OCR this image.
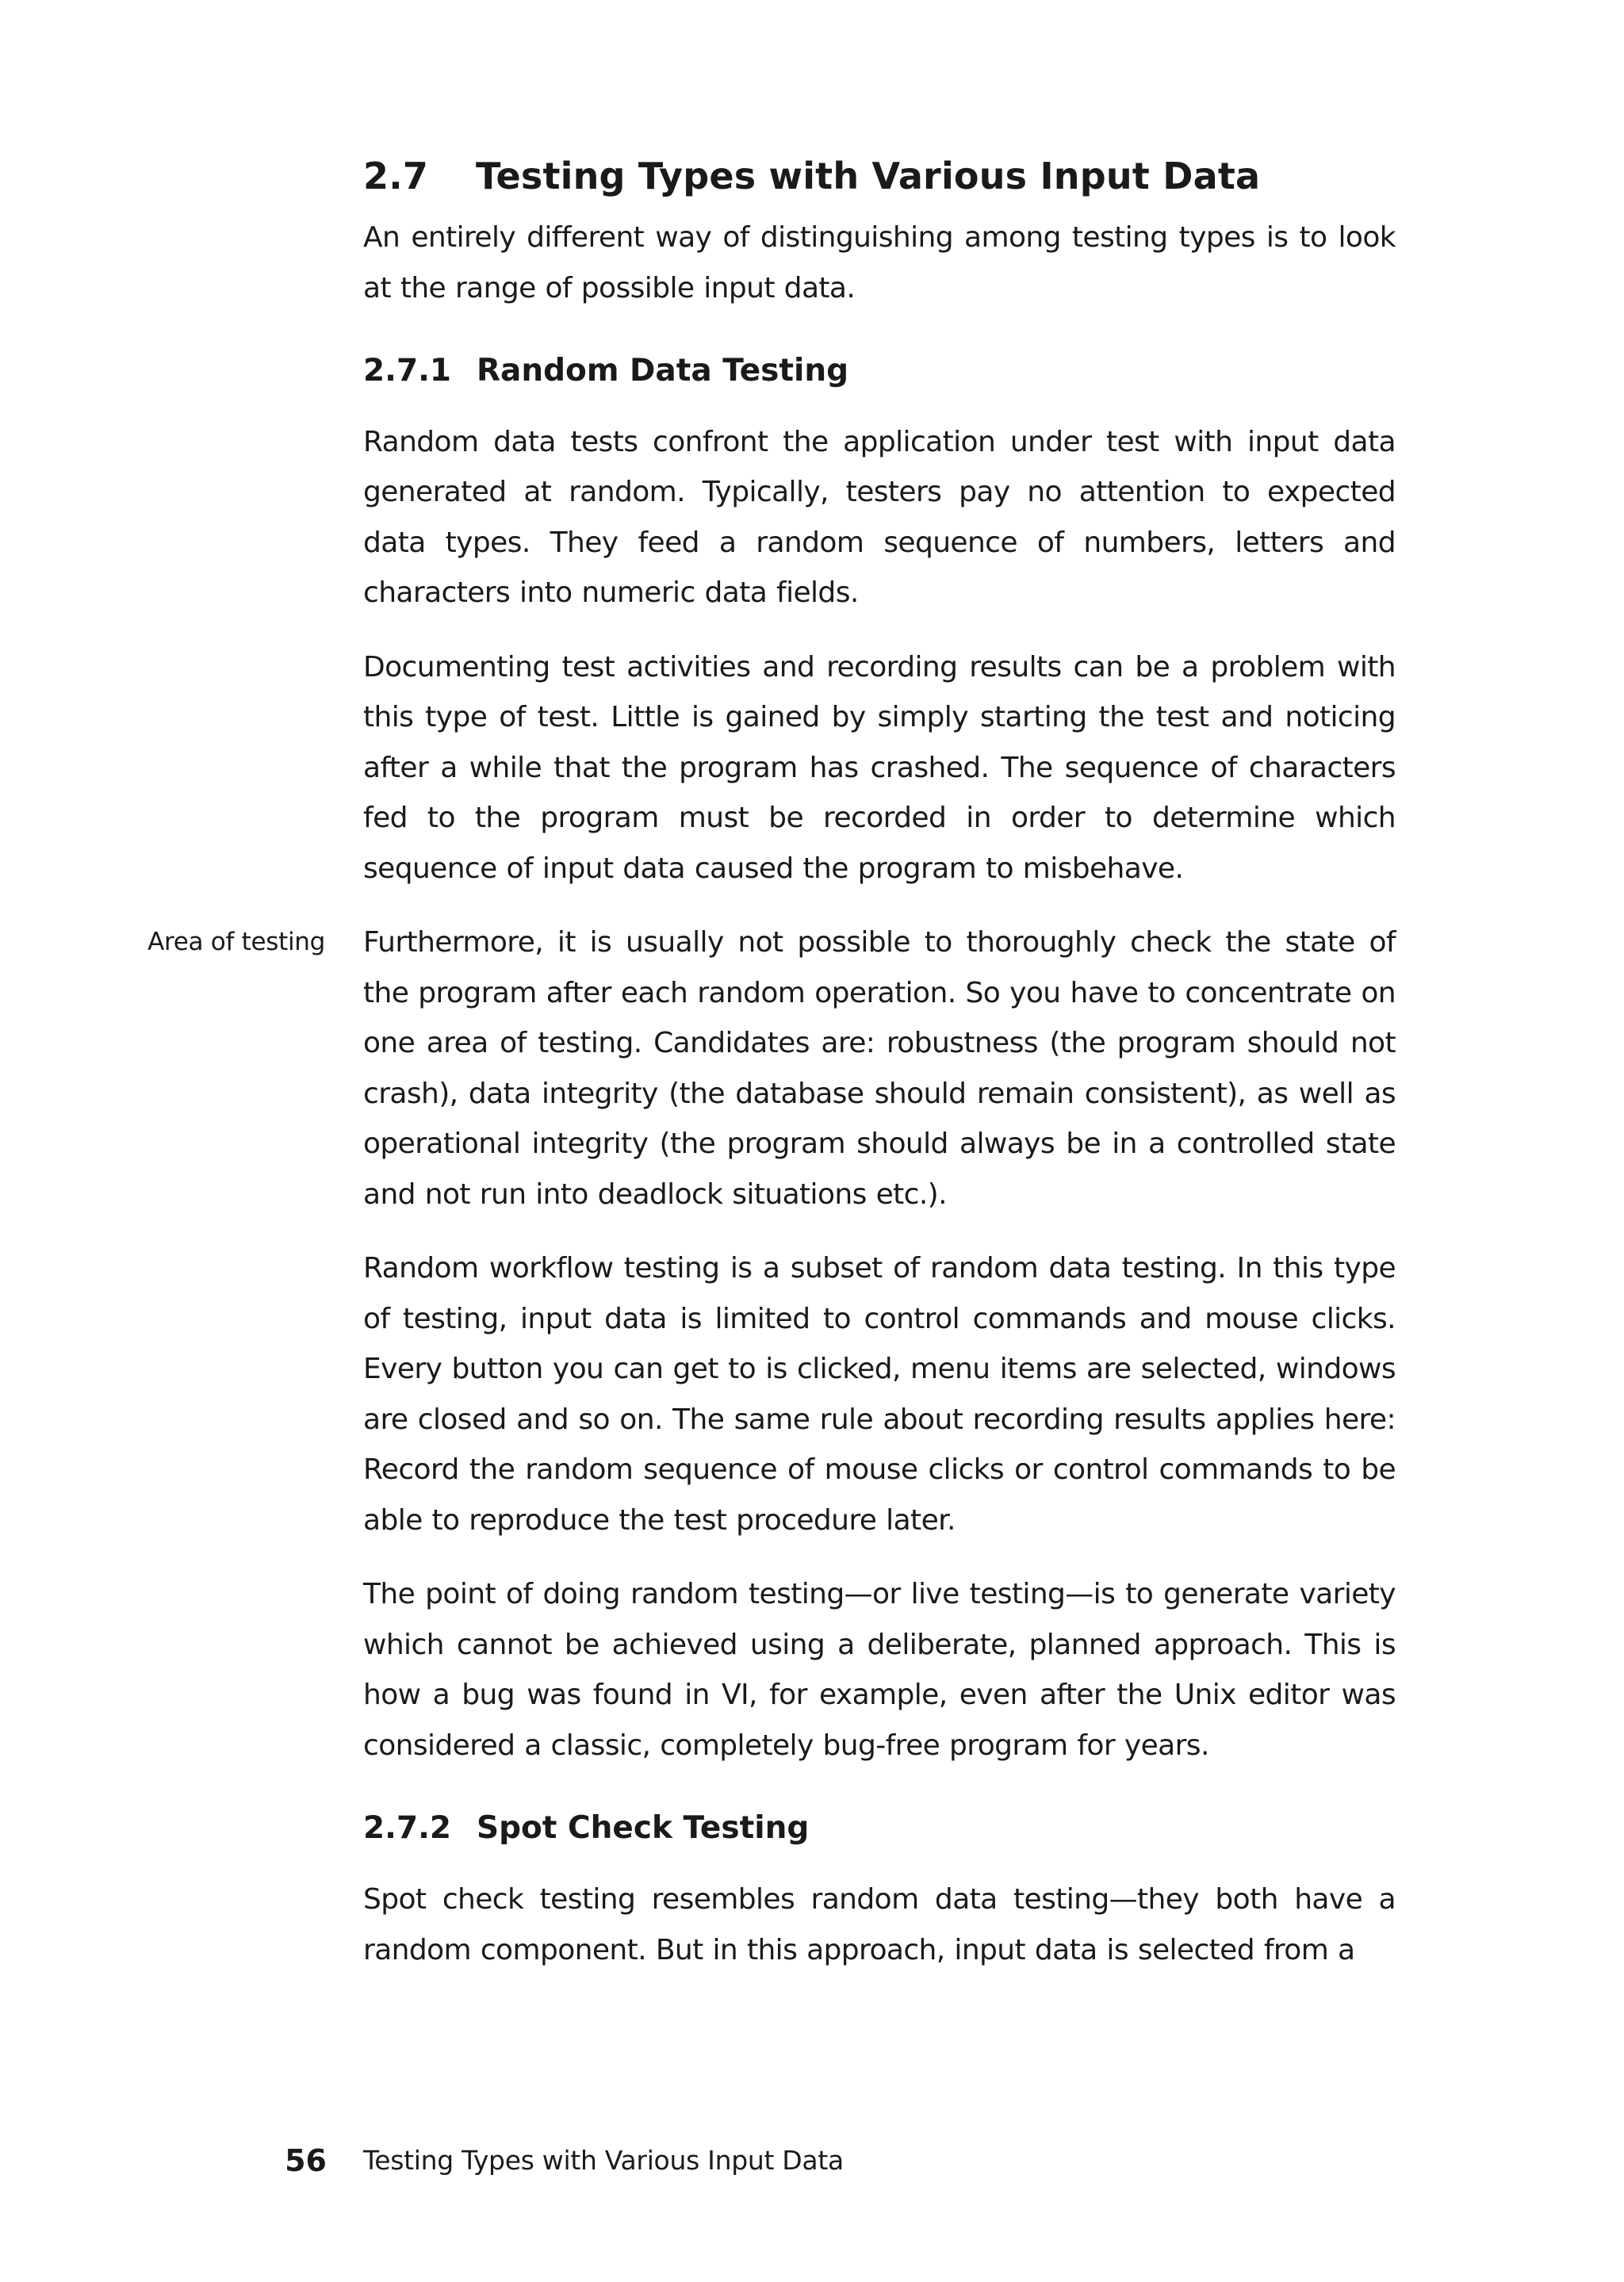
2.7 Testing Types with Various Input Data

An entirely different way of distinguishing among testing types is to look at the range of possible input data.

2.7.1 Random Data Testing

Random data tests confront the application under test with input data generated at random. Typically, testers pay no attention to expected data types. They feed a random sequence of numbers, letters and characters into numeric data fields.

Documenting test activities and recording results can be a problem with this type of test. Little is gained by simply starting the test and noticing after a while that the program has crashed. The sequence of characters fed to the program must be recorded in order to determine which sequence of input data caused the program to misbehave.

Furthermore, it is usually not possible to thoroughly check the state of the program after each random operation. So you have to concentrate on one area of testing. Candidates are: robustness (the program should not crash), data integrity (the database should remain consistent), as well as operational integrity (the program should always be in a controlled state and not run into deadlock situations etc.).

Random workflow testing is a subset of random data testing. In this type of testing, input data is limited to control commands and mouse clicks. Every button you can get to is clicked, menu items are selected, windows are closed and so on. The same rule about recording results applies here: Record the random sequence of mouse clicks or control commands to be able to reproduce the test procedure later.

The point of doing random testing—or live testing—is to generate variety which cannot be achieved using a deliberate, planned approach. This is how a bug was found in VI, for example, even after the Unix editor was considered a classic, completely bug-free program for years.

2.7.2 Spot Check Testing

Spot check testing resembles random data testing—they both have a random component. But in this approach, input data is selected from a

Area of testing
56 Testing Types with Various Input Data
